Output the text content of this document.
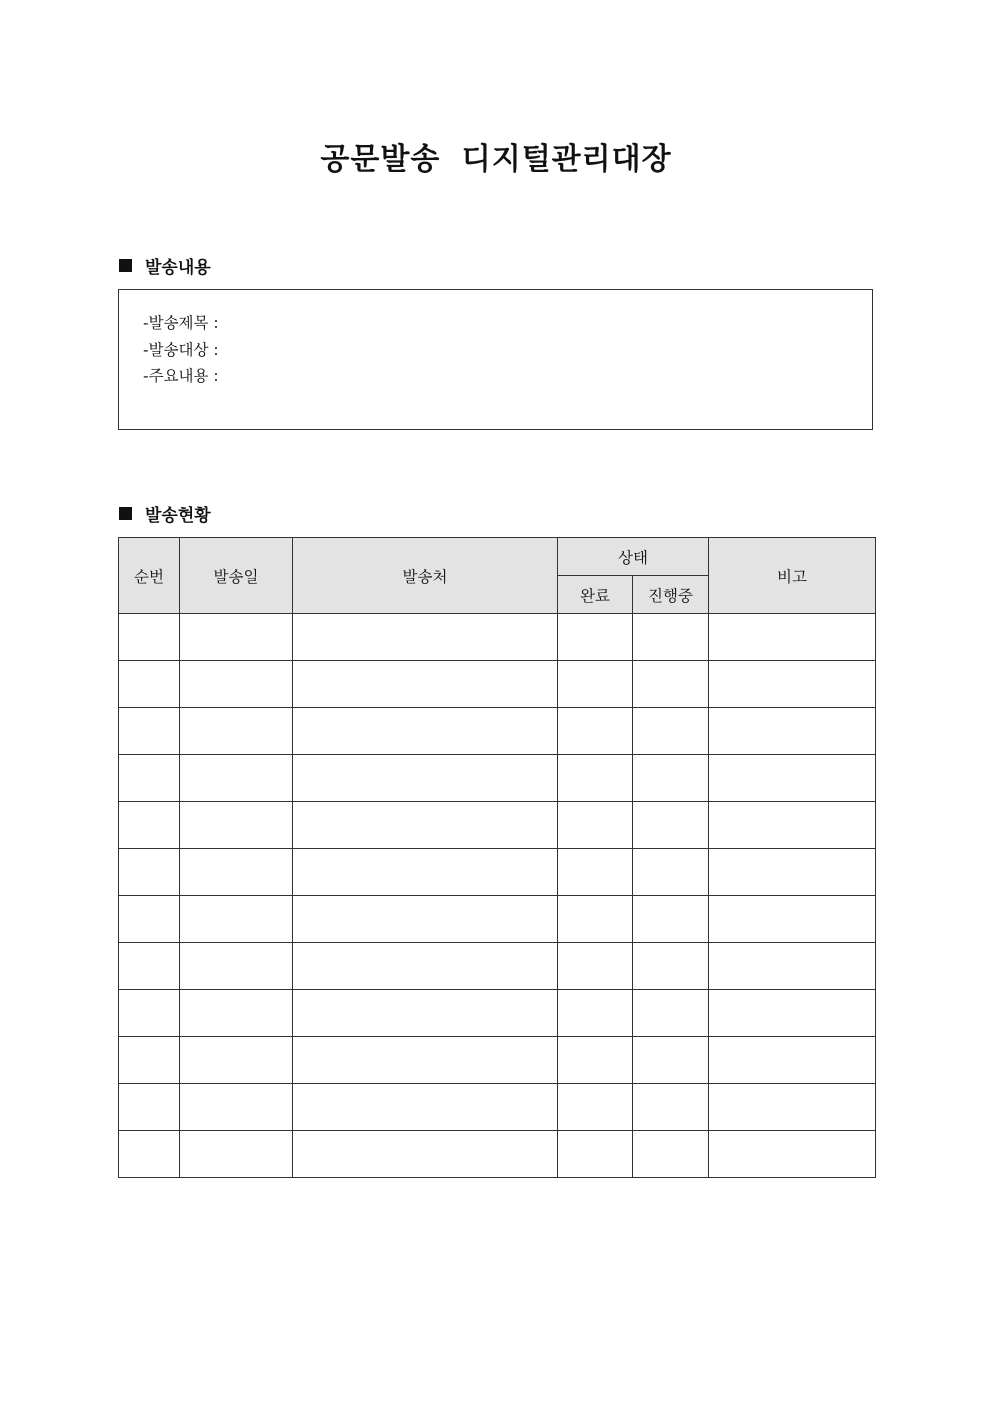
공문발송 디지털관리대장
발송내용
-발송제목 :
-발송대상 :
-주요내용 :
발송현황
순번	발송일	발송처	상태		비고
			완료	진행중	
